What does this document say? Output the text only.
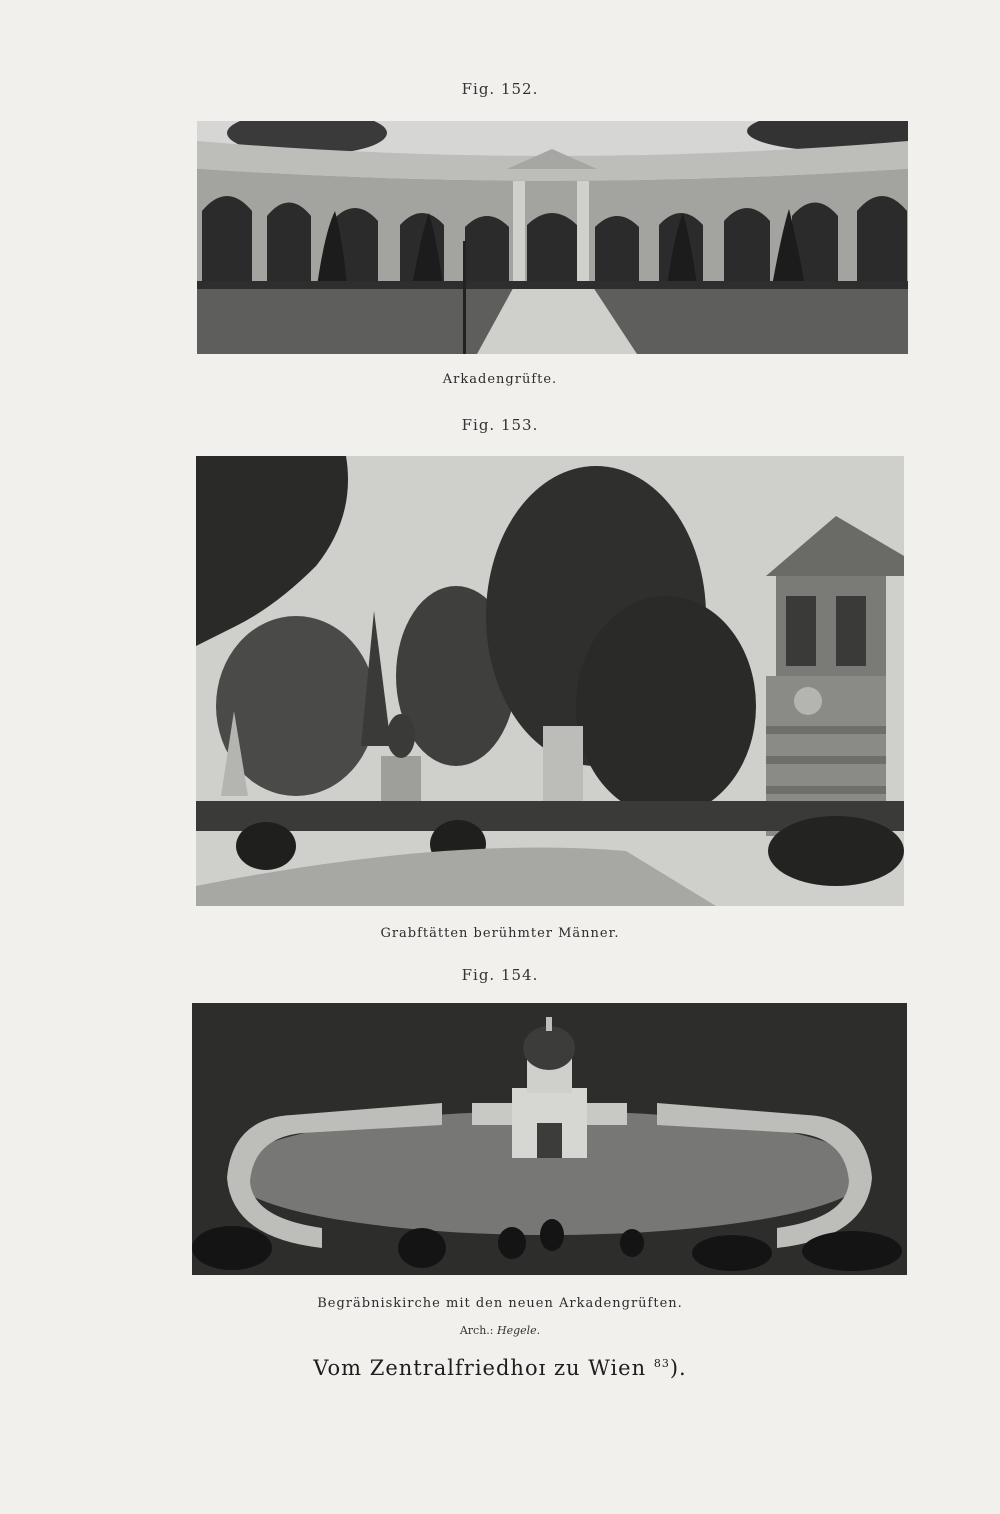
Fig. 152.
Arkadengrüfte.
Fig. 153.
Grabftätten berühmter Männer.
Fig. 154.
Begräbniskirche mit den neuen Arkadengrüften.
Arch.: Hegele.
Vom Zentralfriedhoɪ zu Wien $^{83}$).
